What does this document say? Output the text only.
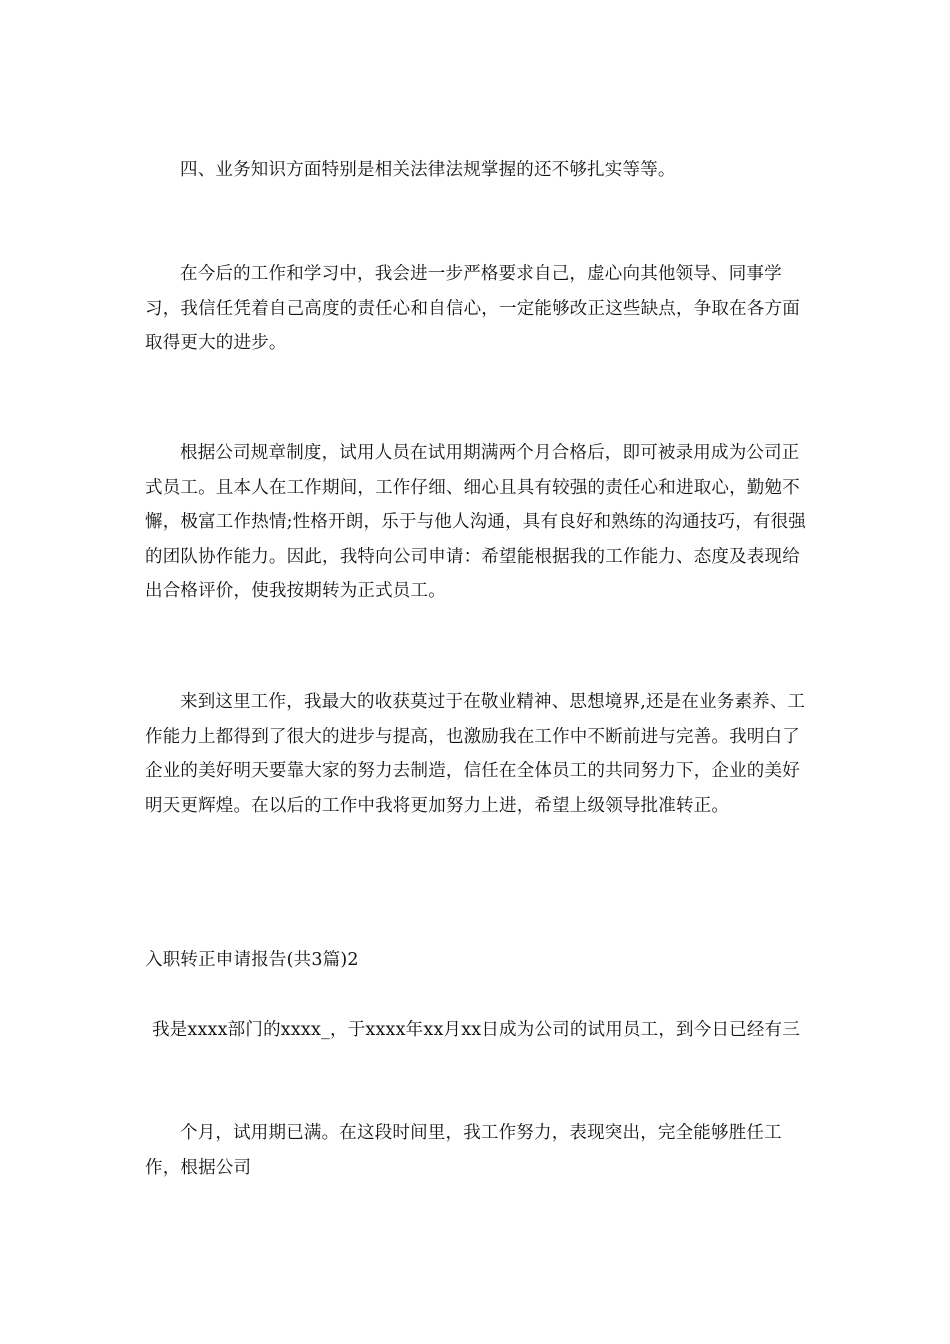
四、业务知识方面特别是相关法律法规掌握的还不够扎实等等。

在今后的工作和学习中，我会进一步严格要求自己，虚心向其他领导、同事学习，我信任凭着自己高度的责任心和自信心，一定能够改正这些缺点，争取在各方面取得更大的进步。

根据公司规章制度，试用人员在试用期满两个月合格后，即可被录用成为公司正式员工。且本人在工作期间，工作仔细、细心且具有较强的责任心和进取心，勤勉不懈，极富工作热情;性格开朗，乐于与他人沟通，具有良好和熟练的沟通技巧，有很强的团队协作能力。因此，我特向公司申请：希望能根据我的工作能力、态度及表现给出合格评价，使我按期转为正式员工。

来到这里工作，我最大的收获莫过于在敬业精神、思想境界,还是在业务素养、工作能力上都得到了很大的进步与提高，也激励我在工作中不断前进与完善。我明白了企业的美好明天要靠大家的努力去制造，信任在全体员工的共同努力下，企业的美好明天更辉煌。在以后的工作中我将更加努力上进，希望上级领导批准转正。

入职转正申请报告(共3篇)2

我是xxxx部门的xxxx_，于xxxx年xx月xx日成为公司的试用员工，到今日已经有三

个月，试用期已满。在这段时间里，我工作努力，表现突出，完全能够胜任工作，根据公司
